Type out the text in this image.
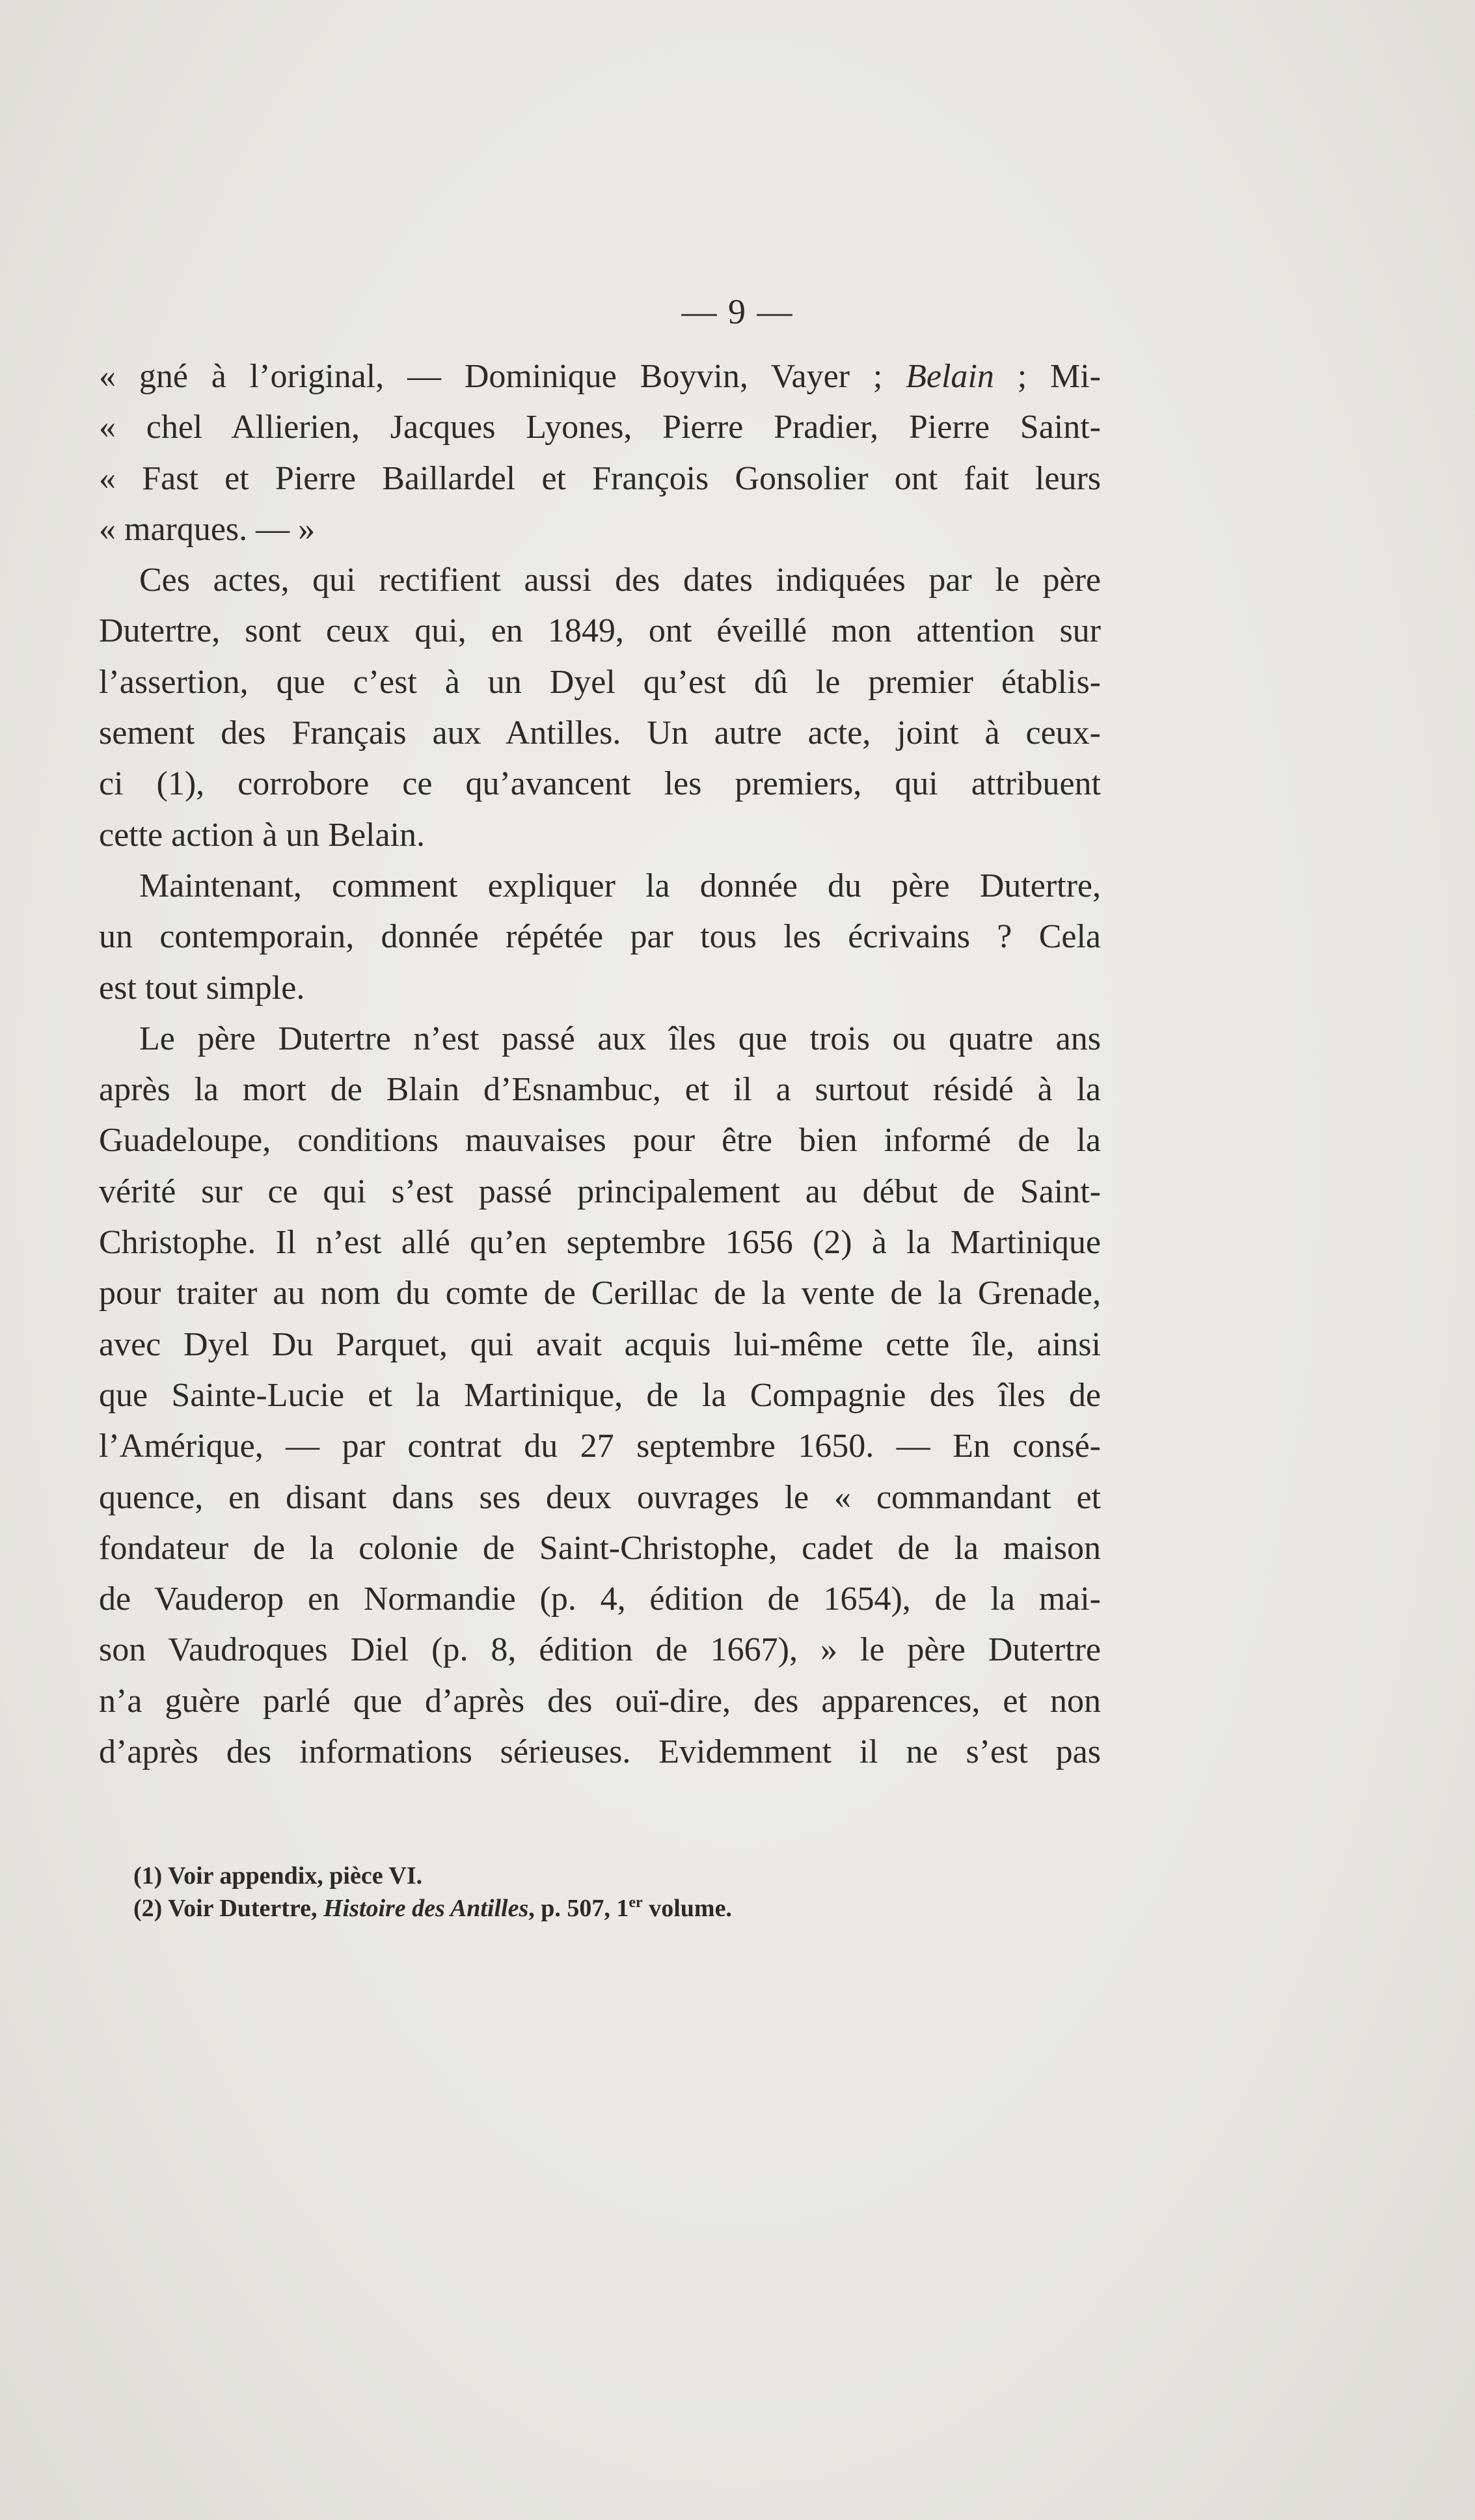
— 9 —
« gné à l’original, — Dominique Boyvin, Vayer ; Belain ; Mi-
« chel Allierien, Jacques Lyones, Pierre Pradier, Pierre Saint-
« Fast et Pierre Baillardel et François Gonsolier ont fait leurs
« marques. — »
Ces actes, qui rectifient aussi des dates indiquées par le père
Dutertre, sont ceux qui, en 1849, ont éveillé mon attention sur
l’assertion, que c’est à un Dyel qu’est dû le premier établis-
sement des Français aux Antilles. Un autre acte, joint à ceux-
ci (1), corrobore ce qu’avancent les premiers, qui attribuent
cette action à un Belain.
Maintenant, comment expliquer la donnée du père Dutertre,
un contemporain, donnée répétée par tous les écrivains ? Cela
est tout simple.
Le père Dutertre n’est passé aux îles que trois ou quatre ans
après la mort de Blain d’Esnambuc, et il a surtout résidé à la
Guadeloupe, conditions mauvaises pour être bien informé de la
vérité sur ce qui s’est passé principalement au début de Saint-
Christophe. Il n’est allé qu’en septembre 1656 (2) à la Martinique
pour traiter au nom du comte de Cerillac de la vente de la Grenade,
avec Dyel Du Parquet, qui avait acquis lui-même cette île, ainsi
que Sainte-Lucie et la Martinique, de la Compagnie des îles de
l’Amérique, — par contrat du 27 septembre 1650. — En consé-
quence, en disant dans ses deux ouvrages le « commandant et
fondateur de la colonie de Saint-Christophe, cadet de la maison
de Vauderop en Normandie (p. 4, édition de 1654), de la mai-
son Vaudroques Diel (p. 8, édition de 1667), » le père Dutertre
n’a guère parlé que d’après des ouï-dire, des apparences, et non
d’après des informations sérieuses. Evidemment il ne s’est pas
(1) Voir appendix, pièce VI.
(2) Voir Dutertre, Histoire des Antilles, p. 507, 1er volume.
